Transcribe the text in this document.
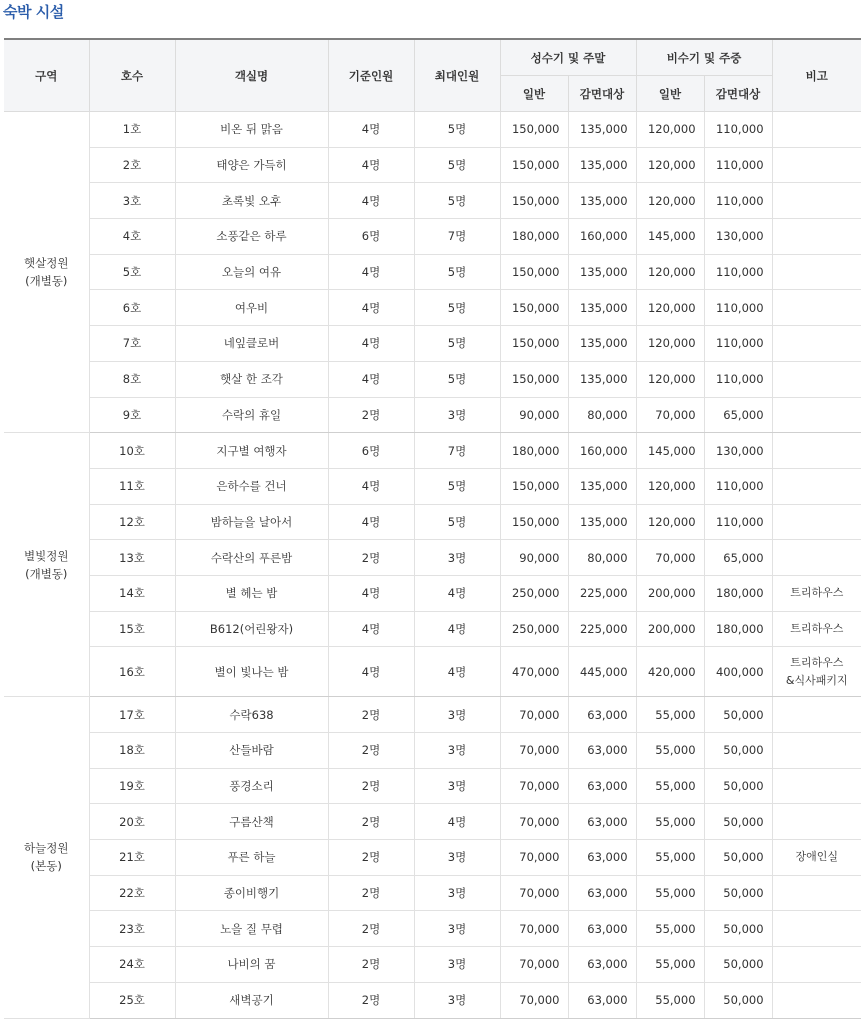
숙박 시설
구역	호수	객실명	기준인원	최대인원	성수기 및 주말		비수기 및 주중		비고
					일반	감면대상	일반	감면대상	
햇살정원
(개별동)	1호	비온 뒤 맑음	4명	5명	150,000	135,000	120,000	110,000	
	2호	태양은 가득히	4명	5명	150,000	135,000	120,000	110,000	
	3호	초록빛 오후	4명	5명	150,000	135,000	120,000	110,000	
	4호	소풍같은 하루	6명	7명	180,000	160,000	145,000	130,000	
	5호	오늘의 여유	4명	5명	150,000	135,000	120,000	110,000	
	6호	여우비	4명	5명	150,000	135,000	120,000	110,000	
	7호	네잎클로버	4명	5명	150,000	135,000	120,000	110,000	
	8호	햇살 한 조각	4명	5명	150,000	135,000	120,000	110,000	
	9호	수락의 휴일	2명	3명	90,000	80,000	70,000	65,000	
별빛정원
(개별동)	10호	지구별 여행자	6명	7명	180,000	160,000	145,000	130,000	
	11호	은하수를 건너	4명	5명	150,000	135,000	120,000	110,000	
	12호	밤하늘을 날아서	4명	5명	150,000	135,000	120,000	110,000	
	13호	수락산의 푸른밤	2명	3명	90,000	80,000	70,000	65,000	
	14호	별 헤는 밤	4명	4명	250,000	225,000	200,000	180,000	트리하우스
	15호	B612(어린왕자)	4명	4명	250,000	225,000	200,000	180,000	트리하우스
	16호	별이 빛나는 밤	4명	4명	470,000	445,000	420,000	400,000	트리하우스
&식사패키지
하늘정원
(본동)	17호	수락638	2명	3명	70,000	63,000	55,000	50,000	
	18호	산들바람	2명	3명	70,000	63,000	55,000	50,000	
	19호	풍경소리	2명	3명	70,000	63,000	55,000	50,000	
	20호	구름산책	2명	4명	70,000	63,000	55,000	50,000	
	21호	푸른 하늘	2명	3명	70,000	63,000	55,000	50,000	장애인실
	22호	종이비행기	2명	3명	70,000	63,000	55,000	50,000	
	23호	노을 질 무렵	2명	3명	70,000	63,000	55,000	50,000	
	24호	나비의 꿈	2명	3명	70,000	63,000	55,000	50,000	
	25호	새벽공기	2명	3명	70,000	63,000	55,000	50,000	
